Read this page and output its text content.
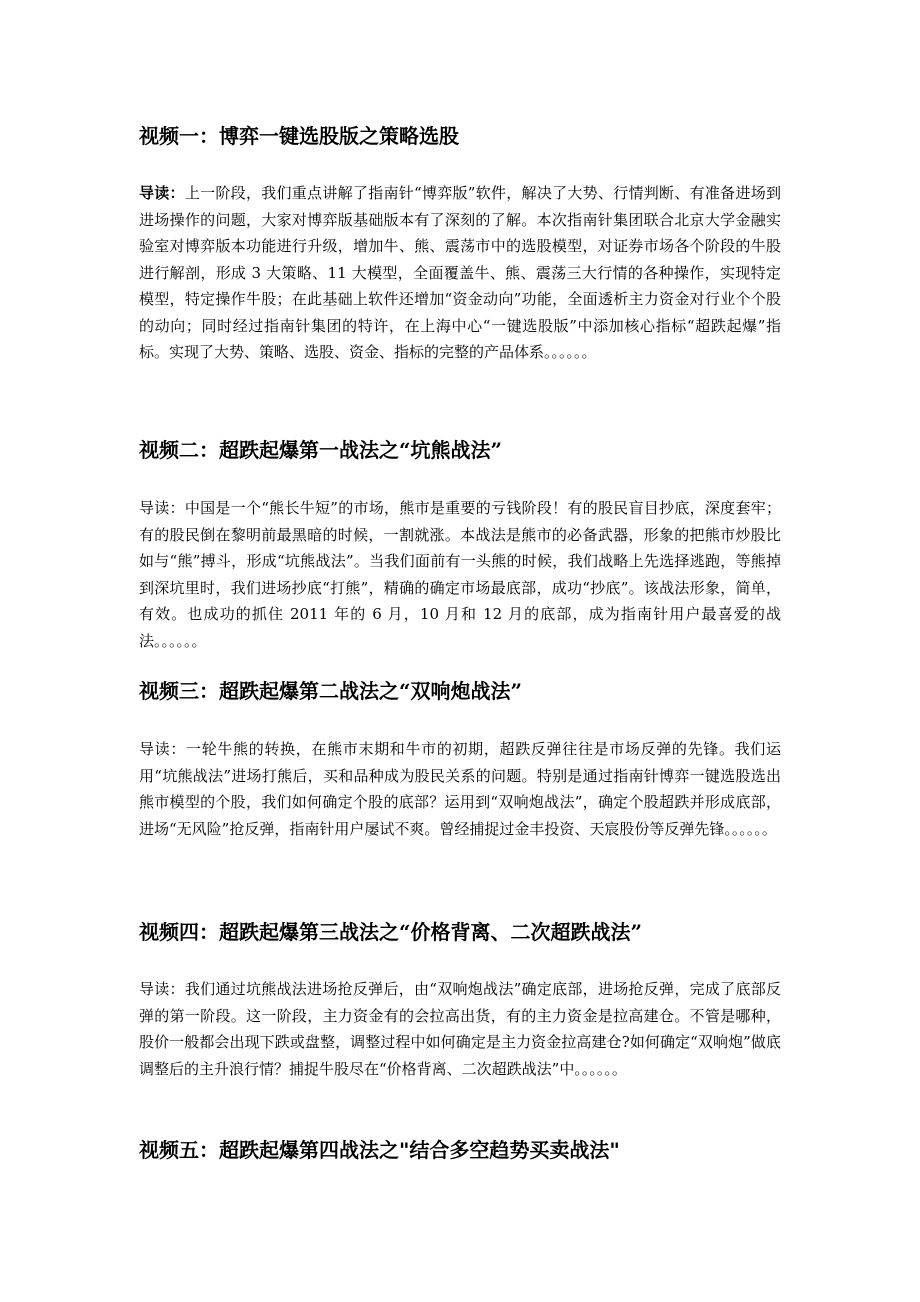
视频一：博弈一键选股版之策略选股

导读：上一阶段，我们重点讲解了指南针“博弈版”软件，解决了大势、行情判断、有准备进场到进场操作的问题，大家对博弈版基础版本有了深刻的了解。本次指南针集团联合北京大学金融实验室对博弈版本功能进行升级，增加牛、熊、震荡市中的选股模型，对证券市场各个阶段的牛股进行解剖，形成 3 大策略、11 大模型，全面覆盖牛、熊、震荡三大行情的各种操作，实现特定模型，特定操作牛股；在此基础上软件还增加“资金动向”功能，全面透析主力资金对行业个个股的动向；同时经过指南针集团的特许，在上海中心“一键选股版”中添加核心指标“超跌起爆”指标。实现了大势、策略、选股、资金、指标的完整的产品体系。。。。。。

视频二：超跌起爆第一战法之“坑熊战法”

导读：中国是一个“熊长牛短”的市场，熊市是重要的亏钱阶段！有的股民盲目抄底，深度套牢；有的股民倒在黎明前最黑暗的时候，一割就涨。本战法是熊市的必备武器，形象的把熊市炒股比如与“熊”搏斗，形成“坑熊战法”。当我们面前有一头熊的时候，我们战略上先选择逃跑，等熊掉到深坑里时，我们进场抄底“打熊”，精确的确定市场最底部，成功“抄底”。该战法形象，简单，有效。也成功的抓住 2011 年的 6 月，10 月和 12 月的底部，成为指南针用户最喜爱的战法。。。。。。

视频三：超跌起爆第二战法之“双响炮战法”

导读：一轮牛熊的转换，在熊市末期和牛市的初期，超跌反弹往往是市场反弹的先锋。我们运用“坑熊战法”进场打熊后，买和品种成为股民关系的问题。特别是通过指南针博弈一键选股选出熊市模型的个股，我们如何确定个股的底部？运用到“双响炮战法”，确定个股超跌并形成底部，进场“无风险”抢反弹，指南针用户屡试不爽。曾经捕捉过金丰投资、天宸股份等反弹先锋。。。。。。

视频四：超跌起爆第三战法之“价格背离、二次超跌战法”

导读：我们通过坑熊战法进场抢反弹后，由“双响炮战法”确定底部，进场抢反弹，完成了底部反弹的第一阶段。这一阶段，主力资金有的会拉高出货，有的主力资金是拉高建仓。不管是哪种，股价一般都会出现下跌或盘整，调整过程中如何确定是主力资金拉高建仓?如何确定“双响炮”做底调整后的主升浪行情？捕捉牛股尽在“价格背离、二次超跌战法”中。。。。。。

视频五：超跌起爆第四战法之"结合多空趋势买卖战法"
